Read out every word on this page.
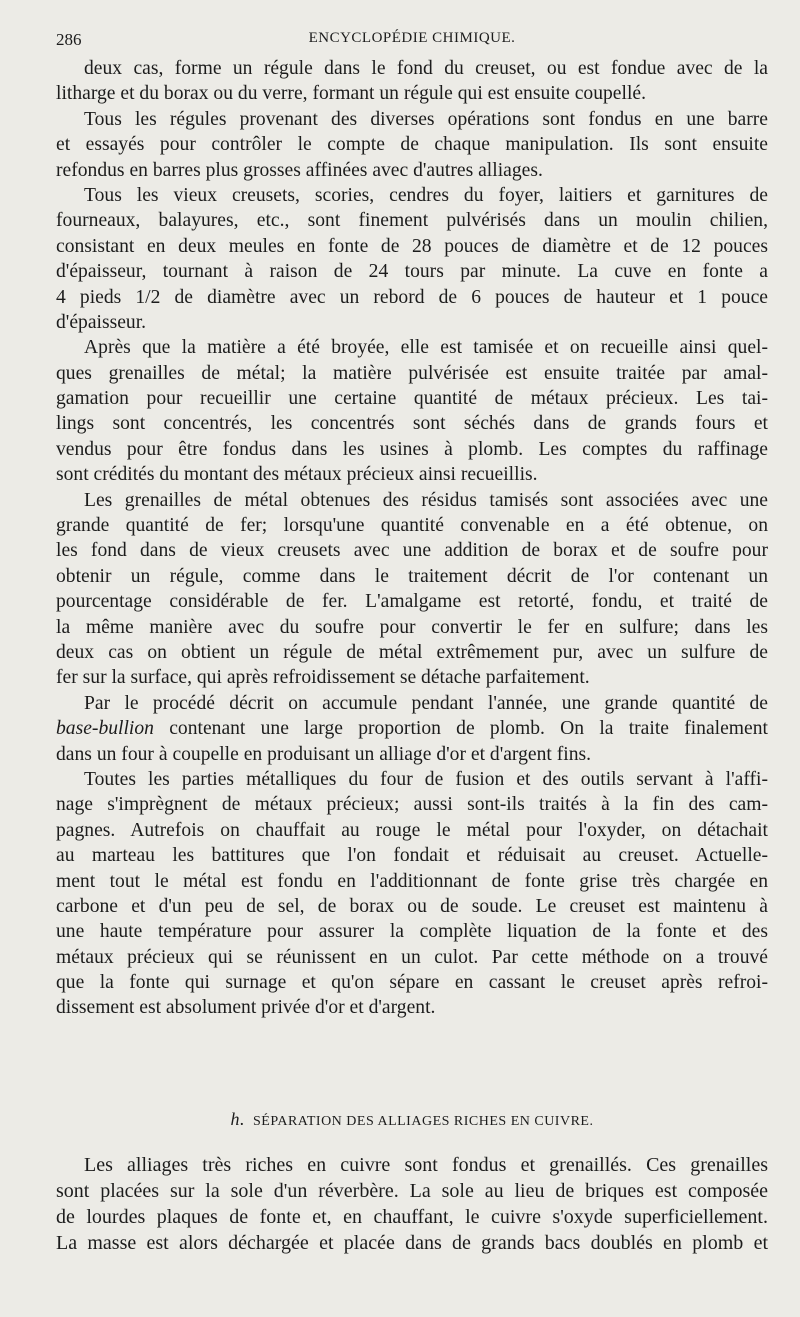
286	ENCYCLOPÉDIE CHIMIQUE.
deux cas, forme un régule dans le fond du creuset, ou est fondue avec de la
litharge et du borax ou du verre, formant un régule qui est ensuite coupellé.
Tous les régules provenant des diverses opérations sont fondus en une barre
et essayés pour contrôler le compte de chaque manipulation. Ils sont ensuite
refondus en barres plus grosses affinées avec d'autres alliages.
Tous les vieux creusets, scories, cendres du foyer, laitiers et garnitures de
fourneaux, balayures, etc., sont finement pulvérisés dans un moulin chilien,
consistant en deux meules en fonte de 28 pouces de diamètre et de 12 pouces
d'épaisseur, tournant à raison de 24 tours par minute. La cuve en fonte a
4 pieds 1/2 de diamètre avec un rebord de 6 pouces de hauteur et 1 pouce
d'épaisseur.
Après que la matière a été broyée, elle est tamisée et on recueille ainsi quel-
ques grenailles de métal; la matière pulvérisée est ensuite traitée par amal-
gamation pour recueillir une certaine quantité de métaux précieux. Les tai-
lings sont concentrés, les concentrés sont séchés dans de grands fours et
vendus pour être fondus dans les usines à plomb. Les comptes du raffinage
sont crédités du montant des métaux précieux ainsi recueillis.
Les grenailles de métal obtenues des résidus tamisés sont associées avec une
grande quantité de fer; lorsqu'une quantité convenable en a été obtenue, on
les fond dans de vieux creusets avec une addition de borax et de soufre pour
obtenir un régule, comme dans le traitement décrit de l'or contenant un
pourcentage considérable de fer. L'amalgame est retorté, fondu, et traité de
la même manière avec du soufre pour convertir le fer en sulfure; dans les
deux cas on obtient un régule de métal extrêmement pur, avec un sulfure de
fer sur la surface, qui après refroidissement se détache parfaitement.
Par le procédé décrit on accumule pendant l'année, une grande quantité de
base-bullion contenant une large proportion de plomb. On la traite finalement
dans un four à coupelle en produisant un alliage d'or et d'argent fins.
Toutes les parties métalliques du four de fusion et des outils servant à l'affi-
nage s'imprègnent de métaux précieux; aussi sont-ils traités à la fin des cam-
pagnes. Autrefois on chauffait au rouge le métal pour l'oxyder, on détachait
au marteau les battitures que l'on fondait et réduisait au creuset. Actuelle-
ment tout le métal est fondu en l'additionnant de fonte grise très chargée en
carbone et d'un peu de sel, de borax ou de soude. Le creuset est maintenu à
une haute température pour assurer la complète liquation de la fonte et des
métaux précieux qui se réunissent en un culot. Par cette méthode on a trouvé
que la fonte qui surnage et qu'on sépare en cassant le creuset après refroi-
dissement est absolument privée d'or et d'argent.
Les alliages très riches en cuivre sont fondus et grenaillés. Ces grenailles
sont placées sur la sole d'un réverbère. La sole au lieu de briques est composée
de lourdes plaques de fonte et, en chauffant, le cuivre s'oxyde superficiellement.
La masse est alors déchargée et placée dans de grands bacs doublés en plomb et
h. SÉPARATION DES ALLIAGES RICHES EN CUIVRE.
